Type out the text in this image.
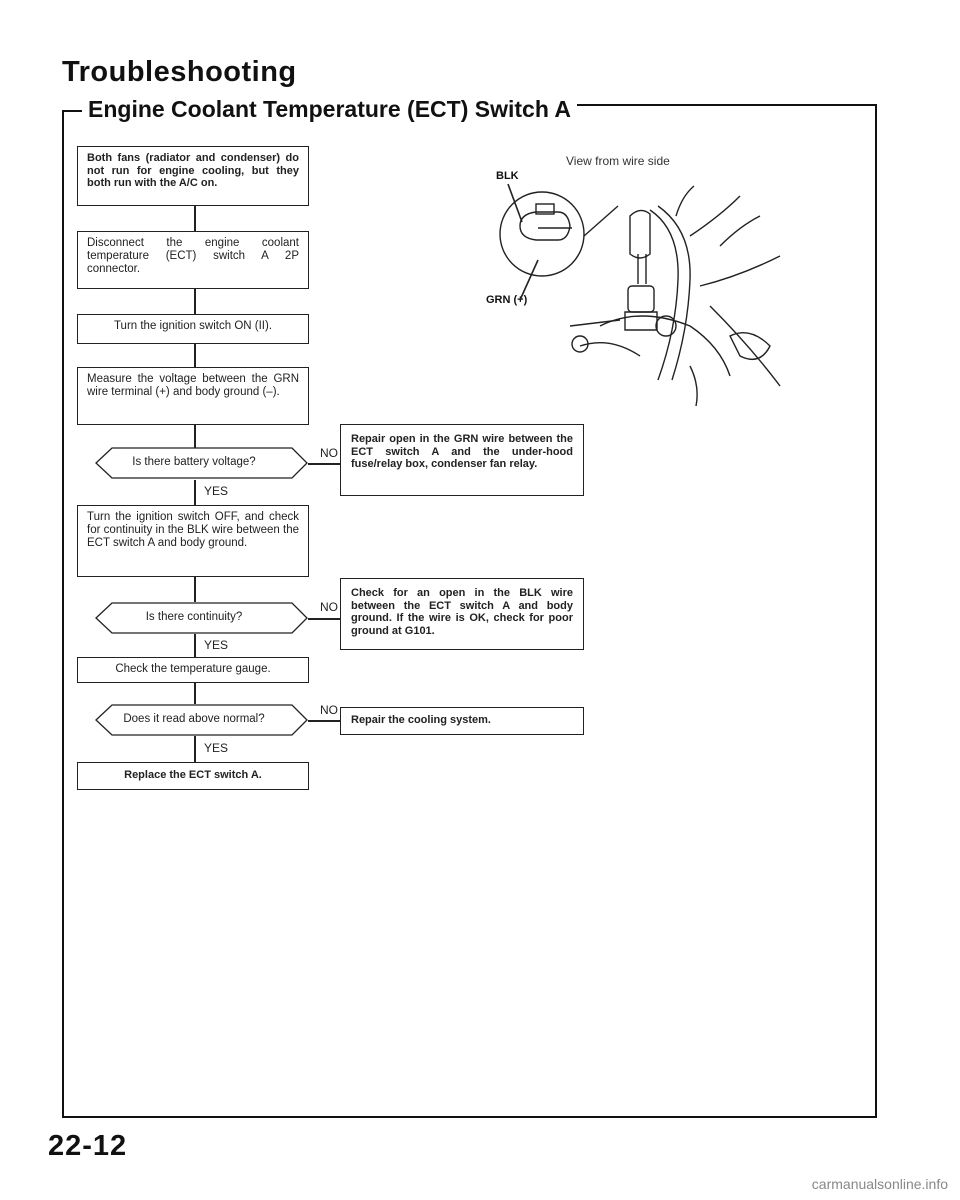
Troubleshooting
Engine Coolant Temperature (ECT) Switch A
Both fans (radiator and condenser) do not run for engine cooling, but they both run with the A/C on.
Disconnect the engine coolant temperature (ECT) switch A 2P connector.
Turn the ignition switch ON (II).
Measure the voltage between the GRN wire terminal (+) and body ground (–).
Is there battery voltage?
NO
YES
Repair open in the GRN wire between the ECT switch A and the under-hood fuse/relay box, condenser fan relay.
Turn the ignition switch OFF, and check for continuity in the BLK wire between the ECT switch A and body ground.
Is there continuity?
NO
YES
Check for an open in the BLK wire between the ECT switch A and body ground. If the wire is OK, check for poor ground at G101.
Check the temperature gauge.
Does it read above normal?
NO
YES
Repair the cooling system.
Replace the ECT switch A.
View from wire side
BLK
GRN (+)
22-12
carmanualsonline.info
